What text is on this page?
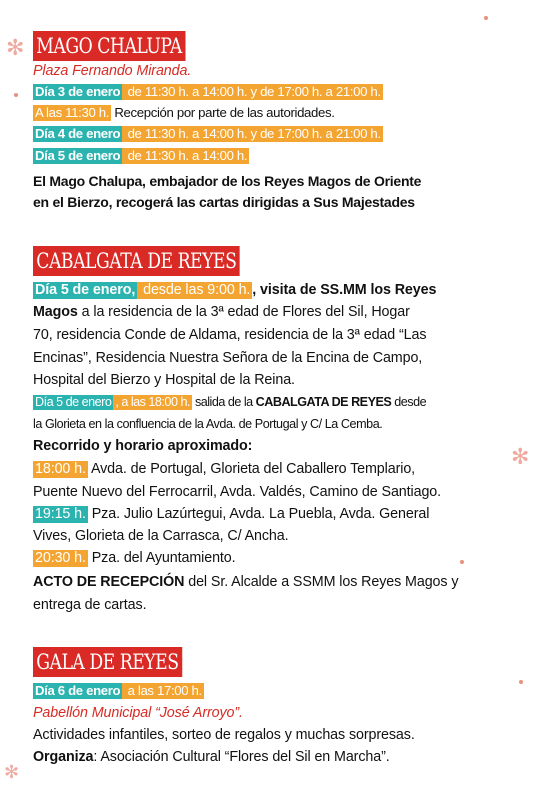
✻
✻
✻
MAGO CHALUPA
Plaza Fernando Miranda.
Día 3 de enero de 11:30 h. a 14:00 h. y de 17:00 h. a 21:00 h.
A las 11:30 h. Recepción por parte de las autoridades.
Día 4 de enero de 11:30 h. a 14:00 h. y de 17:00 h. a 21:00 h.
Día 5 de enero de 11:30 h. a 14:00 h.
El Mago Chalupa, embajador de los Reyes Magos de Oriente
en el Bierzo, recogerá las cartas dirigidas a Sus Majestades
CABALGATA DE REYES
Día 5 de enero, desde las 9:00 h. , visita de SS.MM los Reyes
Magos a la residencia de la 3ª edad de Flores del Sil, Hogar
70, residencia Conde de Aldama, residencia de la 3ª edad “Las
Encinas”, Residencia Nuestra Señora de la Encina de Campo,
Hospital del Bierzo y Hospital de la Reina.
Día 5 de enero , a las 18:00 h. salida de la CABALGATA DE REYES desde
la Glorieta en la confluencia de la Avda. de Portugal y C/ La Cemba.
Recorrido y horario aproximado:
18:00 h. Avda. de Portugal, Glorieta del Caballero Templario,
Puente Nuevo del Ferrocarril, Avda. Valdés, Camino de Santiago.
19:15 h. Pza. Julio Lazúrtegui, Avda. La Puebla, Avda. General
Vives, Glorieta de la Carrasca, C/ Ancha.
20:30 h. Pza. del Ayuntamiento.
ACTO DE RECEPCIÓN del Sr. Alcalde a SSMM los Reyes Magos y
entrega de cartas.
GALA DE REYES
Día 6 de enero a las 17:00 h.
Pabellón Municipal “José Arroyo”.
Actividades infantiles, sorteo de regalos y muchas sorpresas.
Organiza: Asociación Cultural “Flores del Sil en Marcha”.
